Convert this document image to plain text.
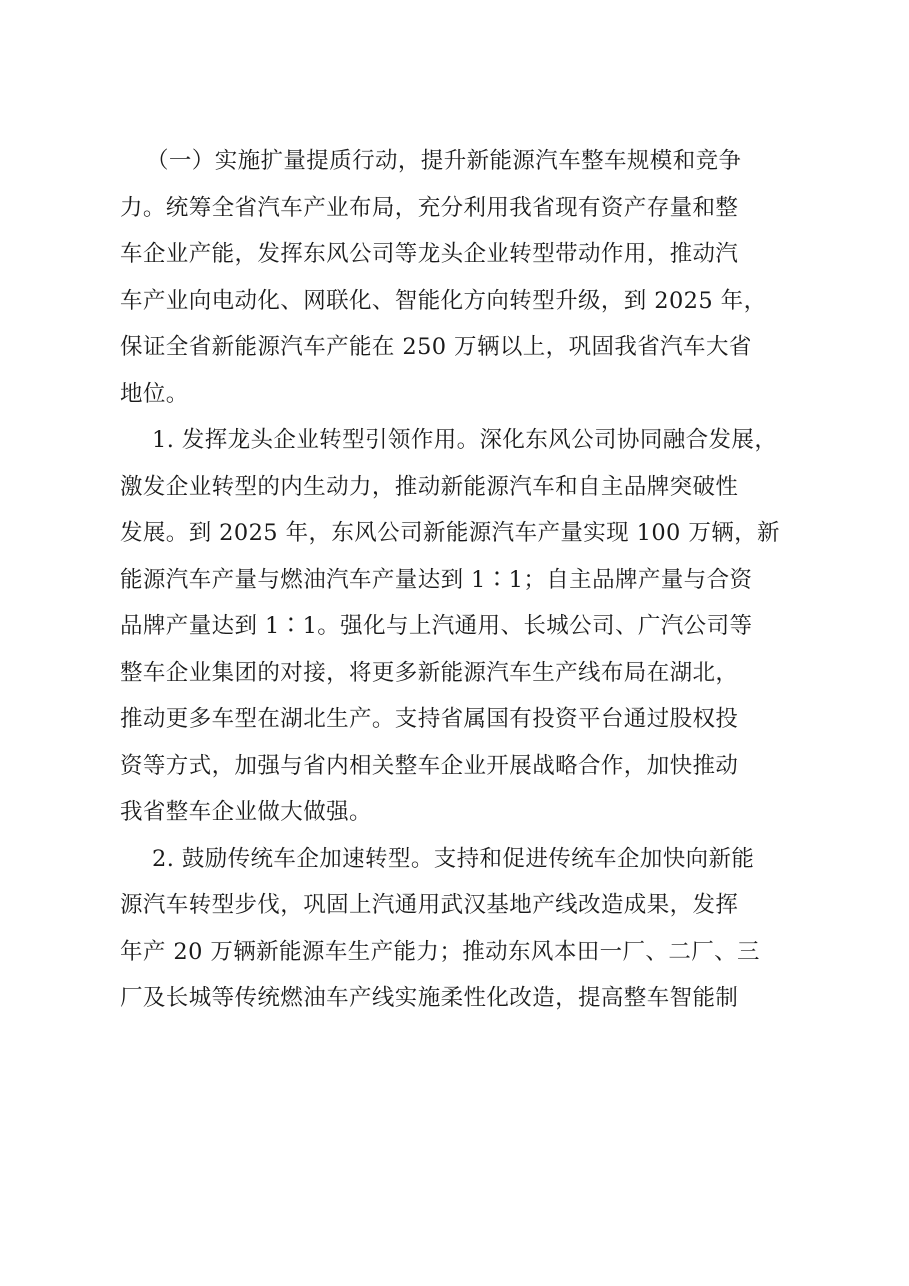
（一）实施扩量提质行动，提升新能源汽车整车规模和竞争
力。统筹全省汽车产业布局，充分利用我省现有资产存量和整
车企业产能，发挥东风公司等龙头企业转型带动作用，推动汽
车产业向电动化、网联化、智能化方向转型升级，到 2025 年，
保证全省新能源汽车产能在 250 万辆以上，巩固我省汽车大省
地位。
1. 发挥龙头企业转型引领作用。深化东风公司协同融合发展，
激发企业转型的内生动力，推动新能源汽车和自主品牌突破性
发展。到 2025 年，东风公司新能源汽车产量实现 100 万辆，新
能源汽车产量与燃油汽车产量达到 1∶1；自主品牌产量与合资
品牌产量达到 1∶1。强化与上汽通用、长城公司、广汽公司等
整车企业集团的对接，将更多新能源汽车生产线布局在湖北，
推动更多车型在湖北生产。支持省属国有投资平台通过股权投
资等方式，加强与省内相关整车企业开展战略合作，加快推动
我省整车企业做大做强。
2. 鼓励传统车企加速转型。支持和促进传统车企加快向新能
源汽车转型步伐，巩固上汽通用武汉基地产线改造成果，发挥
年产 20 万辆新能源车生产能力；推动东风本田一厂、二厂、三
厂及长城等传统燃油车产线实施柔性化改造，提高整车智能制
